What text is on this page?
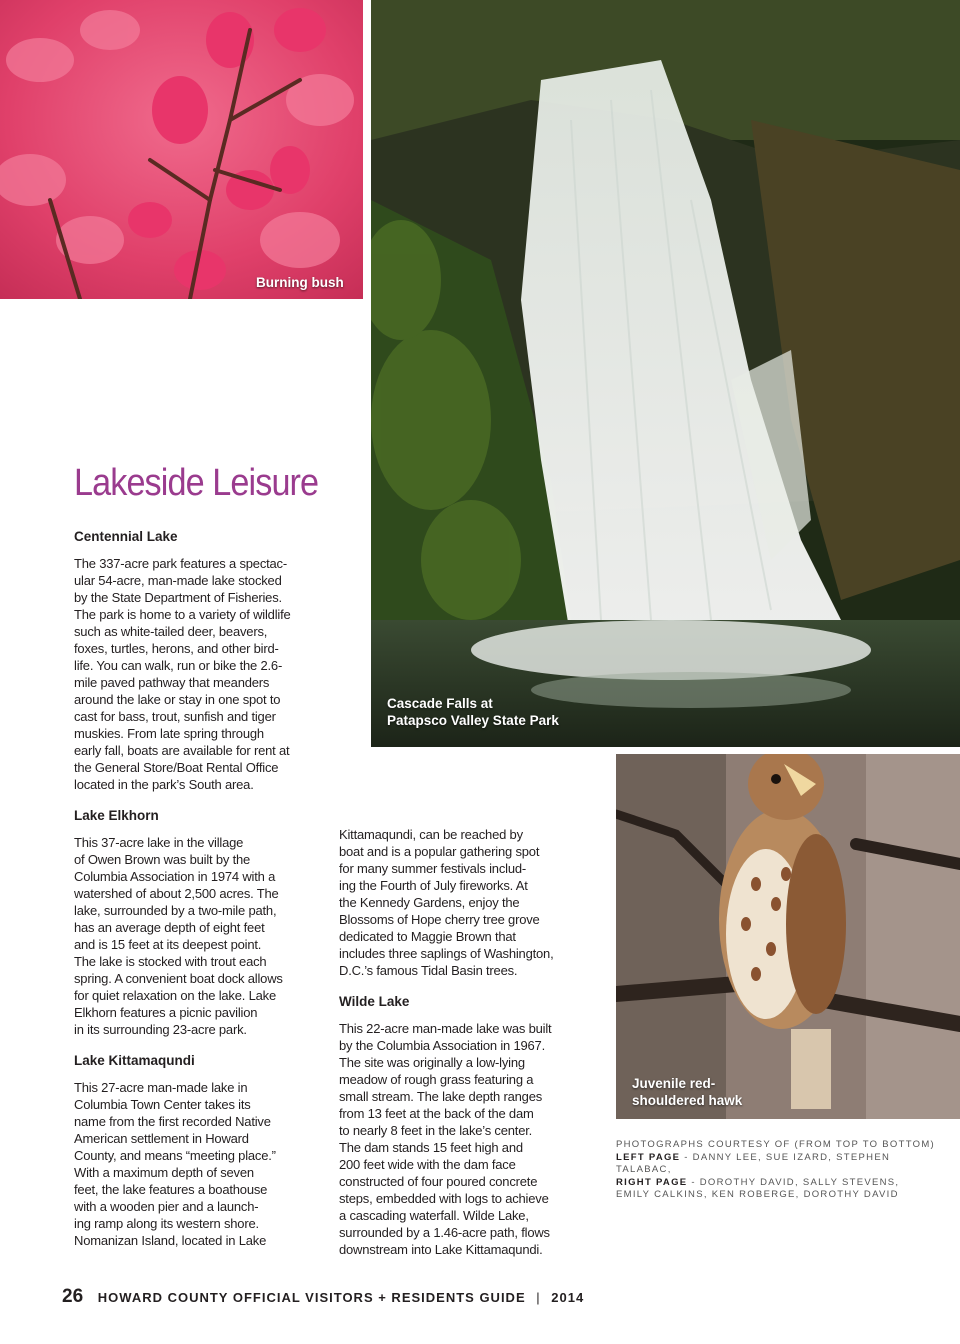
Burning bush
Cascade Falls at
Patapsco Valley State Park
Juvenile red-
shouldered hawk
Lakeside Leisure
Centennial Lake

The 337-acre park features a spectac-
ular 54-acre, man-made lake stocked
by the State Department of Fisheries.
The park is home to a variety of wildlife
such as white-tailed deer, beavers,
foxes, turtles, herons, and other bird-
life. You can walk, run or bike the 2.6-
mile paved pathway that meanders
around the lake or stay in one spot to
cast for bass, trout, sunfish and tiger
muskies. From late spring through
early fall, boats are available for rent at
the General Store/Boat Rental Office
located in the park’s South area.

Lake Elkhorn

This 37-acre lake in the village
of Owen Brown was built by the
Columbia Association in 1974 with a
watershed of about 2,500 acres. The
lake, surrounded by a two-mile path,
has an average depth of eight feet
and is 15 feet at its deepest point.
The lake is stocked with trout each
spring. A convenient boat dock allows
for quiet relaxation on the lake. Lake
Elkhorn features a picnic pavilion
in its surrounding 23-acre park.

Lake Kittamaqundi

This 27-acre man-made lake in
Columbia Town Center takes its
name from the first recorded Native
American settlement in Howard
County, and means “meeting place.”
With a maximum depth of seven
feet, the lake features a boathouse
with a wooden pier and a launch-
ing ramp along its western shore.
Nomanizan Island, located in Lake

Kittamaqundi, can be reached by
boat and is a popular gathering spot
for many summer festivals includ-
ing the Fourth of July fireworks. At
the Kennedy Gardens, enjoy the
Blossoms of Hope cherry tree grove
dedicated to Maggie Brown that
includes three saplings of Washington,
D.C.’s famous Tidal Basin trees.

Wilde Lake

This 22-acre man-made lake was built
by the Columbia Association in 1967.
The site was originally a low-lying
meadow of rough grass featuring a
small stream. The lake depth ranges
from 13 feet at the back of the dam
to nearly 8 feet in the lake’s center.
The dam stands 15 feet high and
200 feet wide with the dam face
constructed of four poured concrete
steps, embedded with logs to achieve
a cascading waterfall. Wilde Lake,
surrounded by a 1.46-acre path, flows
downstream into Lake Kittamaqundi.

PHOTOGRAPHS COURTESY OF (FROM TOP TO BOTTOM)
LEFT PAGE - DANNY LEE, SUE IZARD, STEPHEN TALABAC,
RIGHT PAGE - DOROTHY DAVID, SALLY STEVENS,
EMILY CALKINS, KEN ROBERGE, DOROTHY DAVID
26 HOWARD COUNTY OFFICIAL VISITORS + RESIDENTS GUIDE | 2014
